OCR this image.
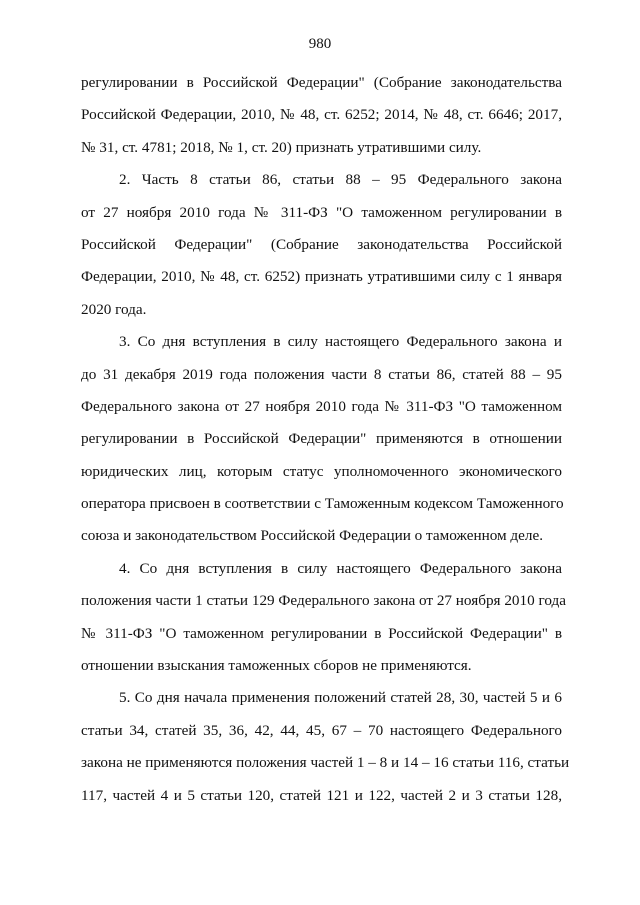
980
регулировании в Российской Федерации" (Собрание законодательства
Российской Федерации, 2010, № 48, ст. 6252; 2014, № 48, ст. 6646; 2017,
№ 31, ст. 4781; 2018, № 1, ст. 20) признать утратившими силу.
2. Часть 8 статьи 86, статьи 88 – 95 Федерального закона
от 27 ноября 2010 года № 311-ФЗ "О таможенном регулировании в
Российской Федерации" (Собрание законодательства Российской
Федерации, 2010, № 48, ст. 6252) признать утратившими силу с 1 января
2020 года.
3. Со дня вступления в силу настоящего Федерального закона и
до 31 декабря 2019 года положения части 8 статьи 86, статей 88 – 95
Федерального закона от 27 ноября 2010 года № 311-ФЗ "О таможенном
регулировании в Российской Федерации" применяются в отношении
юридических лиц, которым статус уполномоченного экономического
оператора присвоен в соответствии с Таможенным кодексом Таможенного
союза и законодательством Российской Федерации о таможенном деле.
4. Со дня вступления в силу настоящего Федерального закона
положения части 1 статьи 129 Федерального закона от 27 ноября 2010 года
№ 311-ФЗ "О таможенном регулировании в Российской Федерации" в
отношении взыскания таможенных сборов не применяются.
5. Со дня начала применения положений статей 28, 30, частей 5 и 6
статьи 34, статей 35, 36, 42, 44, 45, 67 – 70 настоящего Федерального
закона не применяются положения частей 1 – 8 и 14 – 16 статьи 116, статьи
117, частей 4 и 5 статьи 120, статей 121 и 122, частей 2 и 3 статьи 128,
